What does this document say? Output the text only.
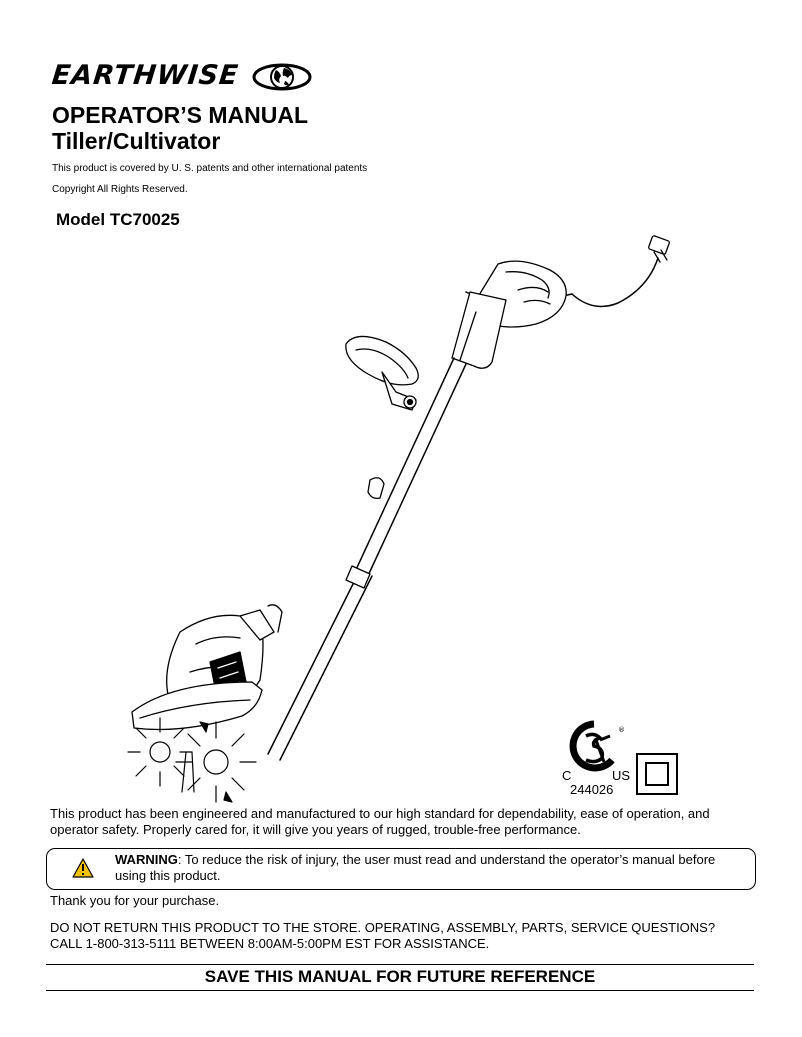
EARTHWISE
OPERATOR’S MANUAL
Tiller/Cultivator
This product is covered by U. S. patents and other international patents
Copyright All Rights Reserved.
Model TC70025
®
C	US
244026
This product has been engineered and manufactured to our high standard for dependability, ease of operation, and operator safety. Properly cared for, it will give you years of rugged, trouble-free performance.
WARNING: To reduce the risk of injury, the user must read and understand the operator’s manual before using this product.
Thank you for your purchase.
DO NOT RETURN THIS PRODUCT TO THE STORE. OPERATING, ASSEMBLY, PARTS, SERVICE QUESTIONS? CALL 1-800-313-5111 BETWEEN 8:00AM-5:00PM EST FOR ASSISTANCE.
SAVE THIS MANUAL FOR FUTURE REFERENCE
